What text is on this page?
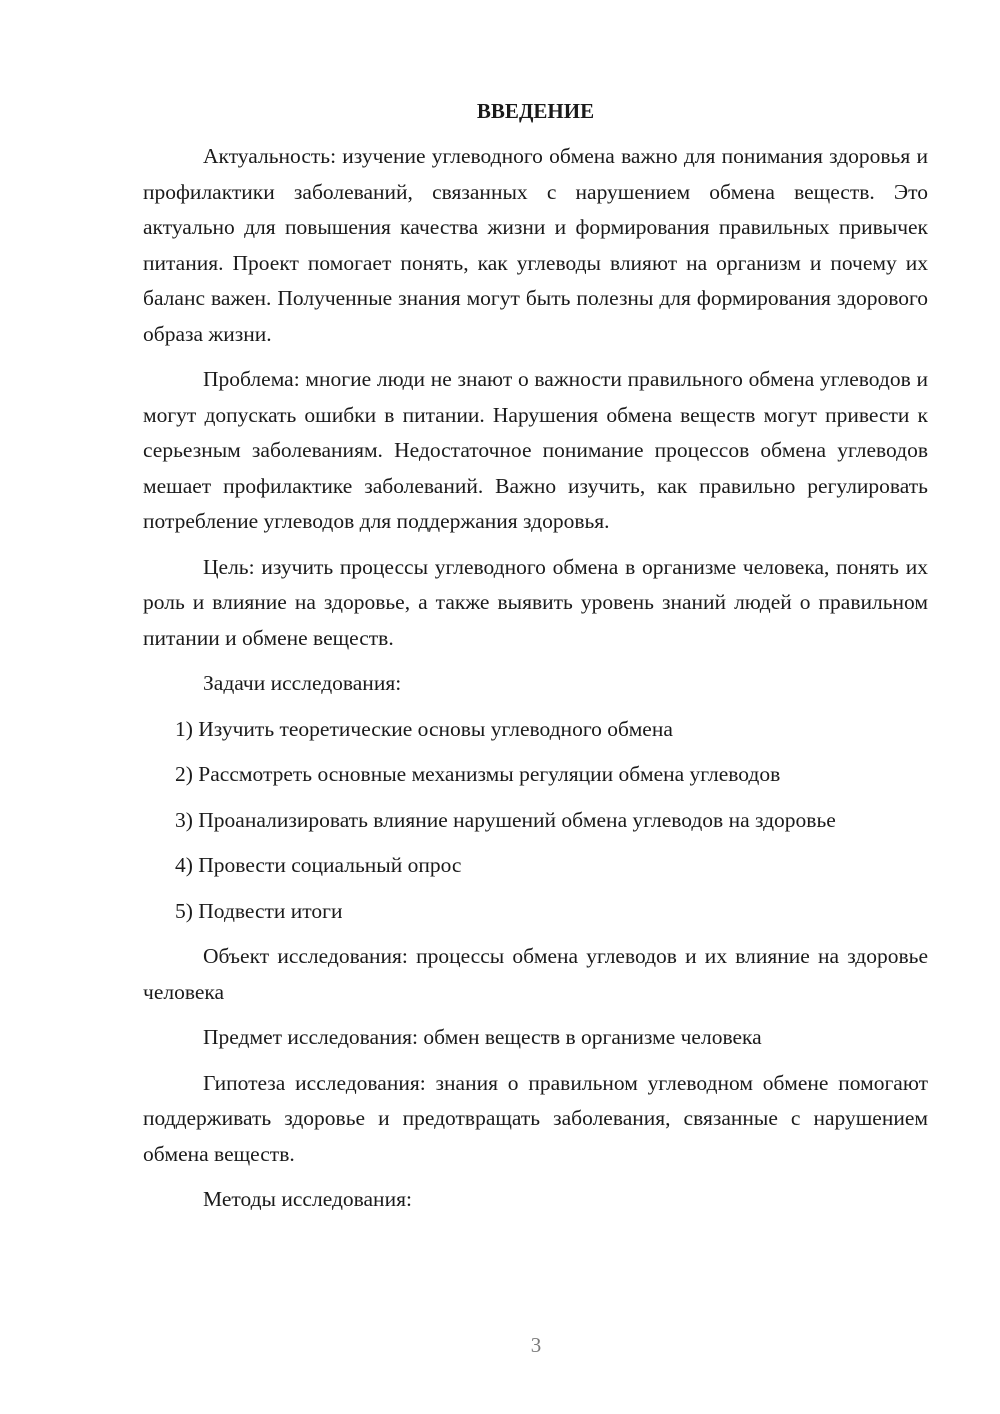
ВВЕДЕНИЕ

Актуальность: изучение углеводного обмена важно для понимания здоровья и профилактики заболеваний, связанных с нарушением обмена веществ. Это актуально для повышения качества жизни и формирования правильных привычек питания. Проект помогает понять, как углеводы влияют на организм и почему их баланс важен. Полученные знания могут быть полезны для формирования здорового образа жизни.

Проблема: многие люди не знают о важности правильного обмена углеводов и могут допускать ошибки в питании. Нарушения обмена веществ могут привести к серьезным заболеваниям. Недостаточное понимание процессов обмена углеводов мешает профилактике заболеваний. Важно изучить, как правильно регулировать потребление углеводов для поддержания здоровья.

Цель: изучить процессы углеводного обмена в организме человека, понять их роль и влияние на здоровье, а также выявить уровень знаний людей о правильном питании и обмене веществ.

Задачи исследования:

1) Изучить теоретические основы углеводного обмена

2) Рассмотреть основные механизмы регуляции обмена углеводов

3) Проанализировать влияние нарушений обмена углеводов на здоровье

4) Провести социальный опрос

5) Подвести итоги

Объект исследования: процессы обмена углеводов и их влияние на здоровье человека

Предмет исследования: обмен веществ в организме человека

Гипотеза исследования: знания о правильном углеводном обмене помогают поддерживать здоровье и предотвращать заболевания, связанные с нарушением обмена веществ.

Методы исследования:

3
